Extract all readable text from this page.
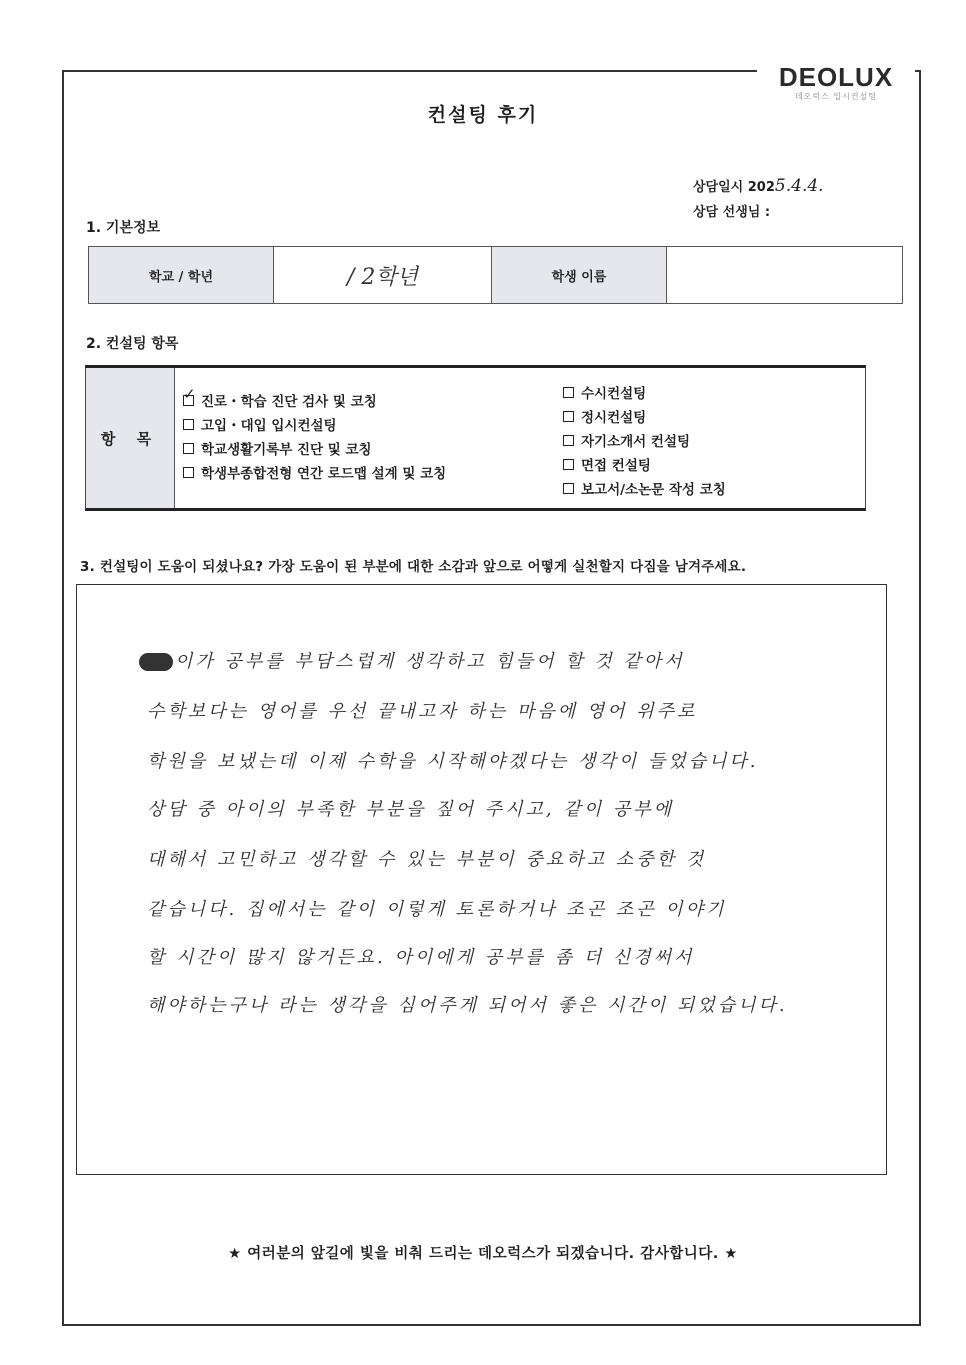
DEOLUX
데오럭스 입시컨설팅
컨설팅 후기
상담일시 2025.4.4.
상담 선생님 :
1. 기본정보
학교 / 학년	/ 2학년	학생 이름	
2. 컨설팅 항목
항 목
✓진로・학습 진단 검사 및 코칭
고입・대입 입시컨설팅
학교생활기록부 진단 및 코칭
학생부종합전형 연간 로드맵 설계 및 코칭
수시컨설팅
정시컨설팅
자기소개서 컨설팅
면접 컨설팅
보고서/소논문 작성 코칭
3. 컨설팅이 도움이 되셨나요? 가장 도움이 된 부분에 대한 소감과 앞으로 어떻게 실천할지 다짐을 남겨주세요.
이가 공부를 부담스럽게 생각하고 힘들어 할 것 같아서
수학보다는 영어를 우선 끝내고자 하는 마음에 영어 위주로
학원을 보냈는데 이제 수학을 시작해야겠다는 생각이 들었습니다.
상담 중 아이의 부족한 부분을 짚어 주시고, 같이 공부에
대해서 고민하고 생각할 수 있는 부분이 중요하고 소중한 것
같습니다. 집에서는 같이 이렇게 토론하거나 조곤 조곤 이야기
할 시간이 많지 않거든요. 아이에게 공부를 좀 더 신경써서
해야하는구나 라는 생각을 심어주게 되어서 좋은 시간이 되었습니다.
★ 여러분의 앞길에 빛을 비춰 드리는 데오럭스가 되겠습니다. 감사합니다. ★
